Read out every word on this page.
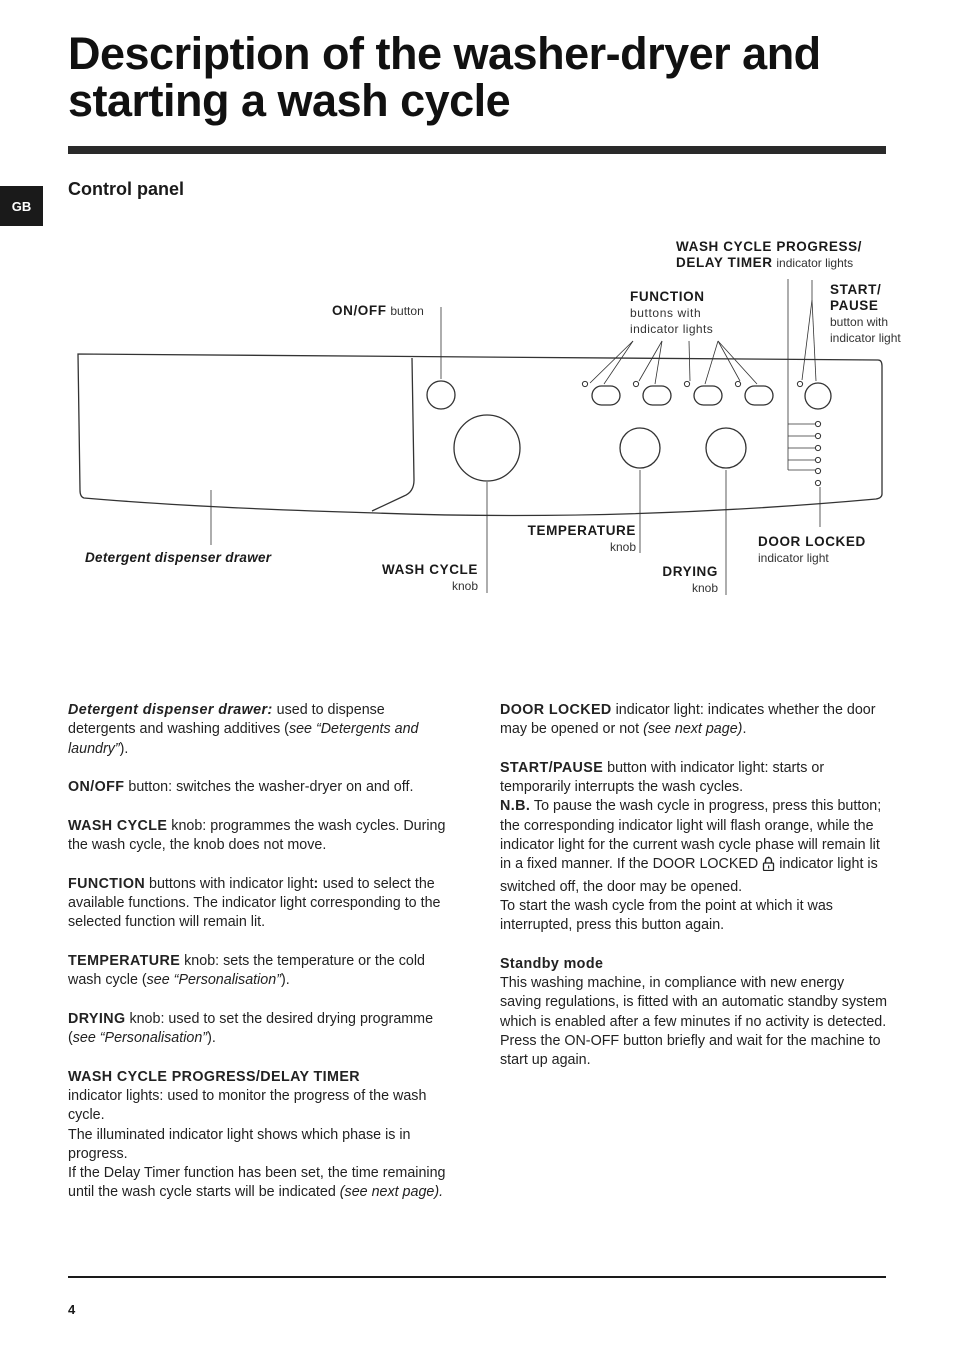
Description of the washer-dryer and starting a wash cycle
GB
Control panel
WASH CYCLE PROGRESS/
DELAY TIMER indicator lights
ON/OFF button
FUNCTION
buttons with
indicator lights
START/
PAUSE
button with
indicator light
TEMPERATURE
knob	DOOR LOCKED
indicator light
Detergent dispenser drawer
WASH CYCLE
knob
DRYING
knob

Detergent dispenser drawer: used to dispense detergents and washing additives (see “Detergents and laundry”).

ON/OFF button: switches the washer-dryer on and off.

WASH CYCLE knob: programmes the wash cycles. During the wash cycle, the knob does not move.

FUNCTION buttons with indicator light: used to select the available functions. The indicator light corresponding to the selected function will remain lit.

TEMPERATURE knob: sets the temperature or the cold wash cycle (see “Personalisation”).

DRYING knob: used to set the desired drying programme (see “Personalisation”).

WASH CYCLE PROGRESS/DELAY TIMER
indicator lights: used to monitor the progress of the wash cycle.
The illuminated indicator light shows which phase is in progress.
If the Delay Timer function has been set, the time remaining until the wash cycle starts will be indicated (see next page).

DOOR LOCKED indicator light: indicates whether the door may be opened or not (see next page).

START/PAUSE button with indicator light: starts or temporarily interrupts the wash cycles.

N.B. To pause the wash cycle in progress, press this button; the corresponding indicator light will flash orange, while the indicator light for the current wash cycle phase will remain lit in a fixed manner. If the DOOR LOCKED  indicator light is switched off, the door may be opened.

To start the wash cycle from the point at which it was interrupted, press this button again.

Standby mode
This washing machine, in compliance with new energy saving regulations, is fitted with an automatic standby system which is enabled after a few minutes if no activity is detected. Press the ON-OFF button briefly and wait for the machine to start up again.

4
